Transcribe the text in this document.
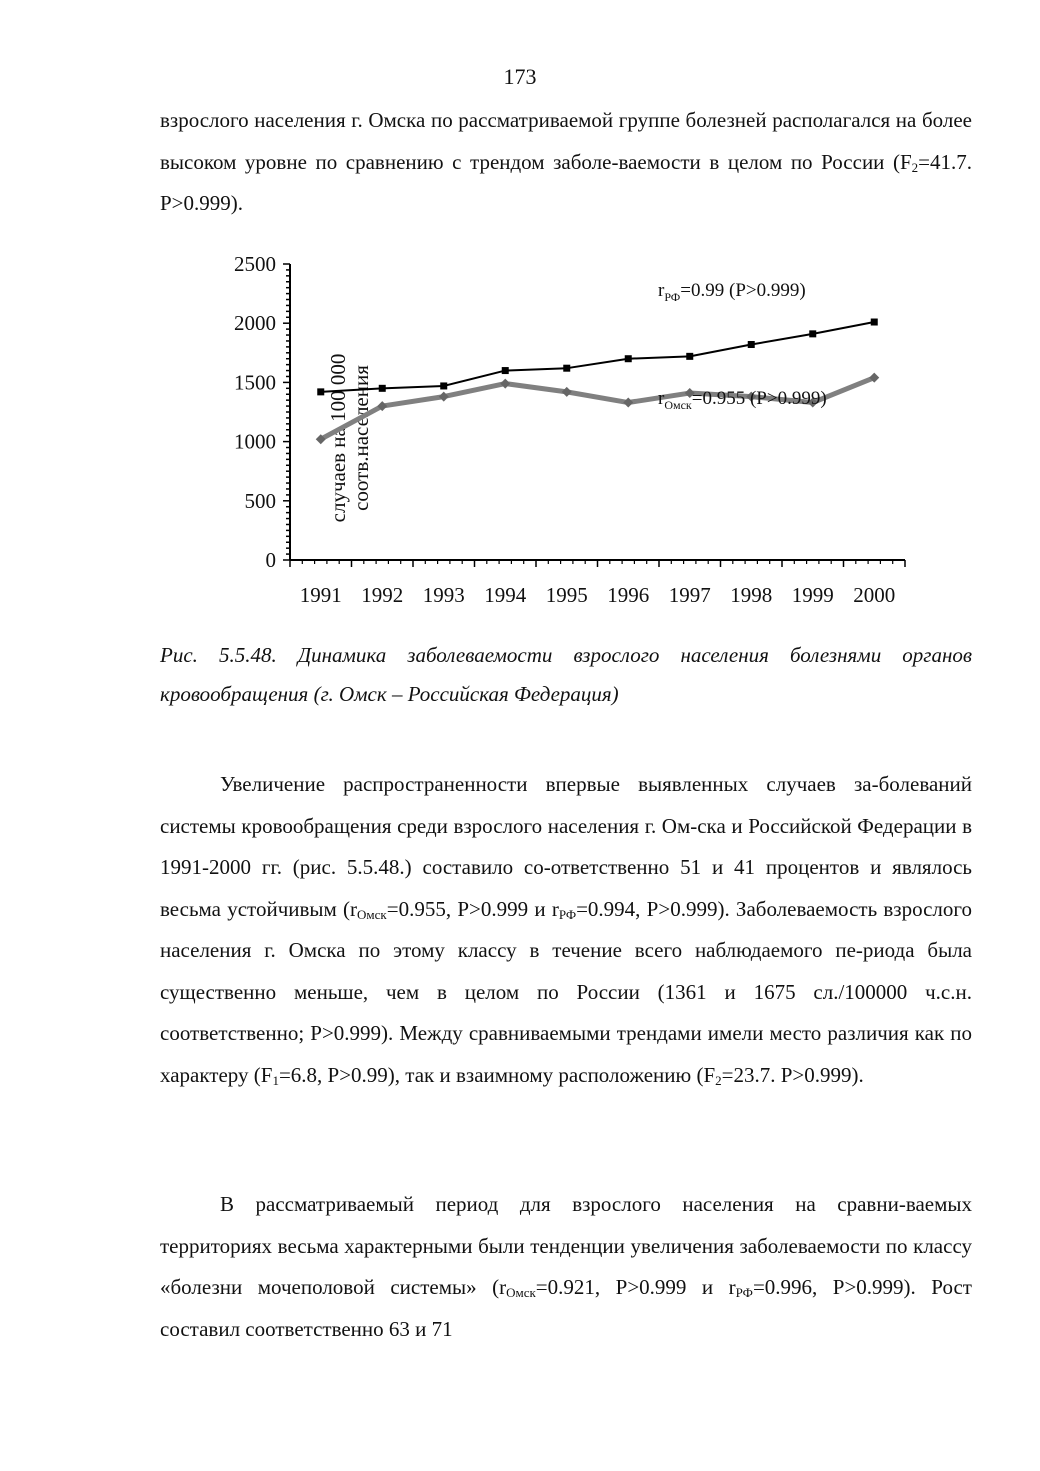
173

взрослого населения г. Омска по рассматриваемой группе болезней располагался на более высоком уровне по сравнению с трендом заболе-ваемости в целом по России ($F_2=41.7$. P>0.999).

случаев на 100 000 соотв.населения
0
500
1000
1500
2000
2500
1991 1992 1993 1994 1995 1996 1997 1998 1999 2000
$r_{РФ}=0.99$ (P>0.999)
$r_{Омск}=0.955$ (P>0.999)

Рис. 5.5.48. Динамика заболеваемости взрослого населения болезнями органов кровообращения (г. Омск – Российская Федерация)

Увеличение распространенности впервые выявленных случаев за-болеваний системы кровообращения среди взрослого населения г. Ом-ска и Российской Федерации в 1991-2000 гг. (рис. 5.5.48.) составило со-ответственно 51 и 41 процентов и являлось весьма устойчивым ($r_{Омск}=0.955$, P>0.999 и $r_{РФ}=0.994$, P>0.999). Заболеваемость взрослого населения г. Омска по этому классу в течение всего наблюдаемого пе-риода была существенно меньше, чем в целом по России (1361 и 1675 сл./100000 ч.с.н. соответственно; P>0.999). Между сравниваемыми трендами имели место различия как по характеру ($F_1=6.8$, P>0.99), так и взаимному расположению ($F_2=23.7$. P>0.999).

В рассматриваемый период для взрослого населения на сравни-ваемых территориях весьма характерными были тенденции увеличения заболеваемости по классу «болезни мочеполовой системы» ($r_{Омск}=0.921$, P>0.999 и $r_{РФ}=0.996$, P>0.999). Рост составил соответственно 63 и 71
